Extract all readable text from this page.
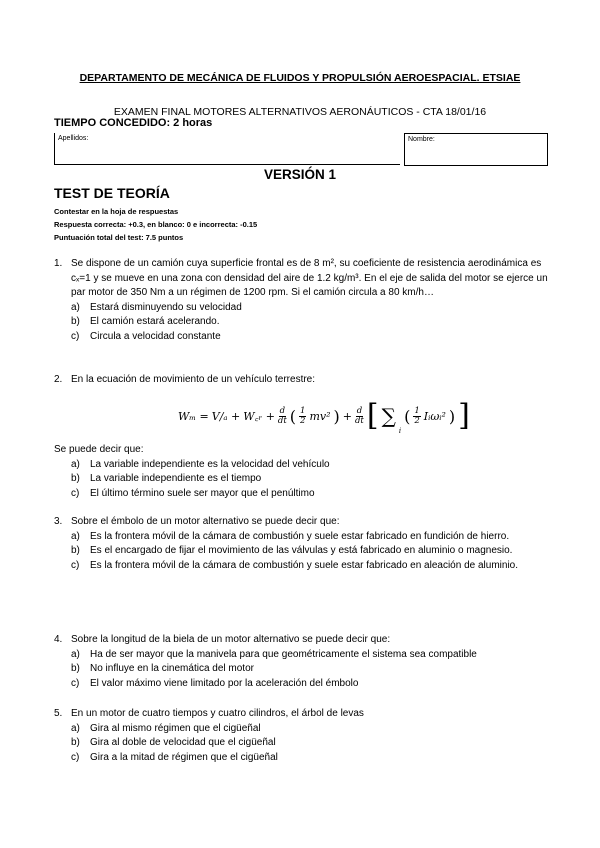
DEPARTAMENTO DE MECÁNICA DE FLUIDOS Y PROPULSIÓN AEROESPACIAL. ETSIAE
EXAMEN FINAL MOTORES ALTERNATIVOS AERONÁUTICOS - CTA 18/01/16
TIEMPO CONCEDIDO: 2 horas
Apellidos:	Nombre:
VERSIÓN 1
TEST DE TEORÍA
Contestar en la hoja de respuestas
Respuesta correcta: +0.3, en blanco: 0 e incorrecta: -0.15
Puntuación total del test: 7.5 puntos
1. Se dispone de un camión cuya superficie frontal es de 8 m², su coeficiente de resistencia aerodinámica es cₓ=1 y se mueve en una zona con densidad del aire de 1.2 kg/m³. En el eje de salida del motor se ejerce un par motor de 350 Nm a un régimen de 1200 rpm. Si el camión circula a 80 km/h…
a) Estará disminuyendo su velocidad
b) El camión estará acelerando.
c) Circula a velocidad constante
2. En la ecuación de movimiento de un vehículo terrestre:
Wₘ = V/ₐ + W꜀ᵣ + $\frac{d}{dt}$ ( $\frac{1}{2} mv^2$ ) + $\frac{d}{dt}$ [ ∑
i
( $\frac{1}{2}$ Iᵢωᵢ² ) ]
Se puede decir que:
a) La variable independiente es la velocidad del vehículo
b) La variable independiente es el tiempo
c) El último término suele ser mayor que el penúltimo
3. Sobre el émbolo de un motor alternativo se puede decir que:
a) Es la frontera móvil de la cámara de combustión y suele estar fabricado en fundición de hierro.
b) Es el encargado de fijar el movimiento de las válvulas y está fabricado en aluminio o magnesio.
c) Es la frontera móvil de la cámara de combustión y suele estar fabricado en aleación de aluminio.
4. Sobre la longitud de la biela de un motor alternativo se puede decir que:
a) Ha de ser mayor que la manivela para que geométricamente el sistema sea compatible
b) No influye en la cinemática del motor
c) El valor máximo viene limitado por la aceleración del émbolo
5. En un motor de cuatro tiempos y cuatro cilindros, el árbol de levas
a) Gira al mismo régimen que el cigüeñal
b) Gira al doble de velocidad que el cigüeñal
c) Gira a la mitad de régimen que el cigüeñal
